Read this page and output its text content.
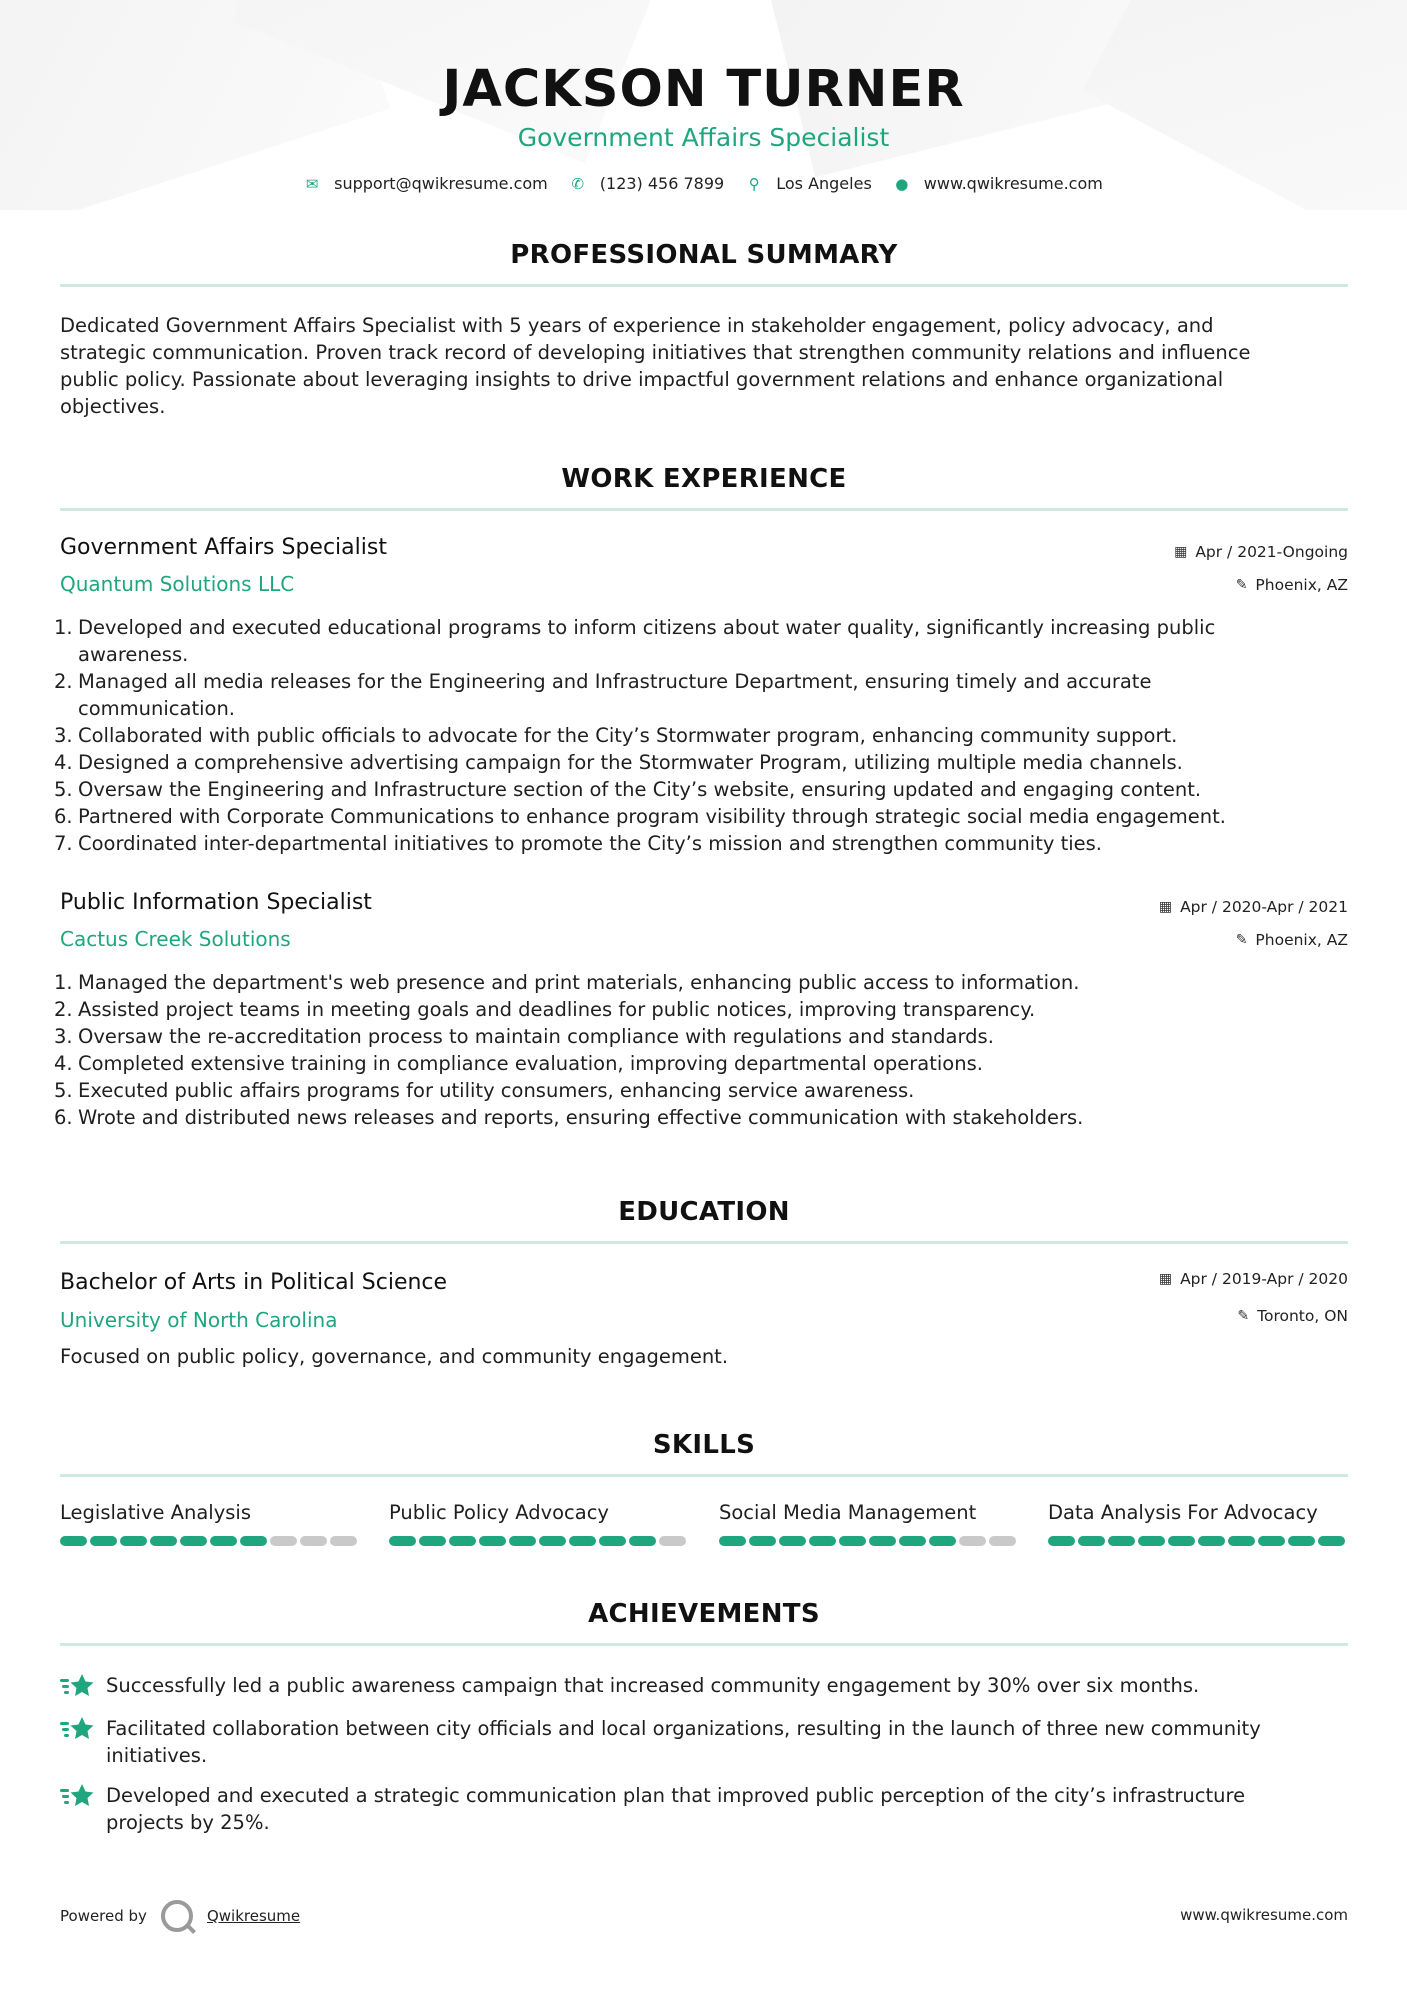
JACKSON TURNER
Government Affairs Specialist
✉ support@qwikresume.com ✆ (123) 456 7899 ⚲ Los Angeles ● www.qwikresume.com
PROFESSIONAL SUMMARY
Dedicated Government Affairs Specialist with 5 years of experience in stakeholder engagement, policy advocacy, and
strategic communication. Proven track record of developing initiatives that strengthen community relations and influence
public policy. Passionate about leveraging insights to drive impactful government relations and enhance organizational
objectives.
WORK EXPERIENCE
Government Affairs Specialist	▦ Apr / 2021-Ongoing
Quantum Solutions LLC	✎ Phoenix, AZ
1. Developed and executed educational programs to inform citizens about water quality, significantly increasing public
awareness.
2. Managed all media releases for the Engineering and Infrastructure Department, ensuring timely and accurate
communication.
3. Collaborated with public officials to advocate for the City’s Stormwater program, enhancing community support.
4. Designed a comprehensive advertising campaign for the Stormwater Program, utilizing multiple media channels.
5. Oversaw the Engineering and Infrastructure section of the City’s website, ensuring updated and engaging content.
6. Partnered with Corporate Communications to enhance program visibility through strategic social media engagement.
7. Coordinated inter-departmental initiatives to promote the City’s mission and strengthen community ties.
Public Information Specialist	▦ Apr / 2020-Apr / 2021
Cactus Creek Solutions	✎ Phoenix, AZ
1. Managed the department's web presence and print materials, enhancing public access to information.
2. Assisted project teams in meeting goals and deadlines for public notices, improving transparency.
3. Oversaw the re-accreditation process to maintain compliance with regulations and standards.
4. Completed extensive training in compliance evaluation, improving departmental operations.
5. Executed public affairs programs for utility consumers, enhancing service awareness.
6. Wrote and distributed news releases and reports, ensuring effective communication with stakeholders.
EDUCATION
Bachelor of Arts in Political Science	▦ Apr / 2019-Apr / 2020
University of North Carolina	✎ Toronto, ON
Focused on public policy, governance, and community engagement.
SKILLS
Legislative Analysis	Public Policy Advocacy	Social Media Management	Data Analysis For Advocacy
ACHIEVEMENTS
Successfully led a public awareness campaign that increased community engagement by 30% over six months.
Facilitated collaboration between city officials and local organizations, resulting in the launch of three new community
initiatives.
Developed and executed a strategic communication plan that improved public perception of the city’s infrastructure
projects by 25%.
Powered by	Qwikresume	www.qwikresume.com
